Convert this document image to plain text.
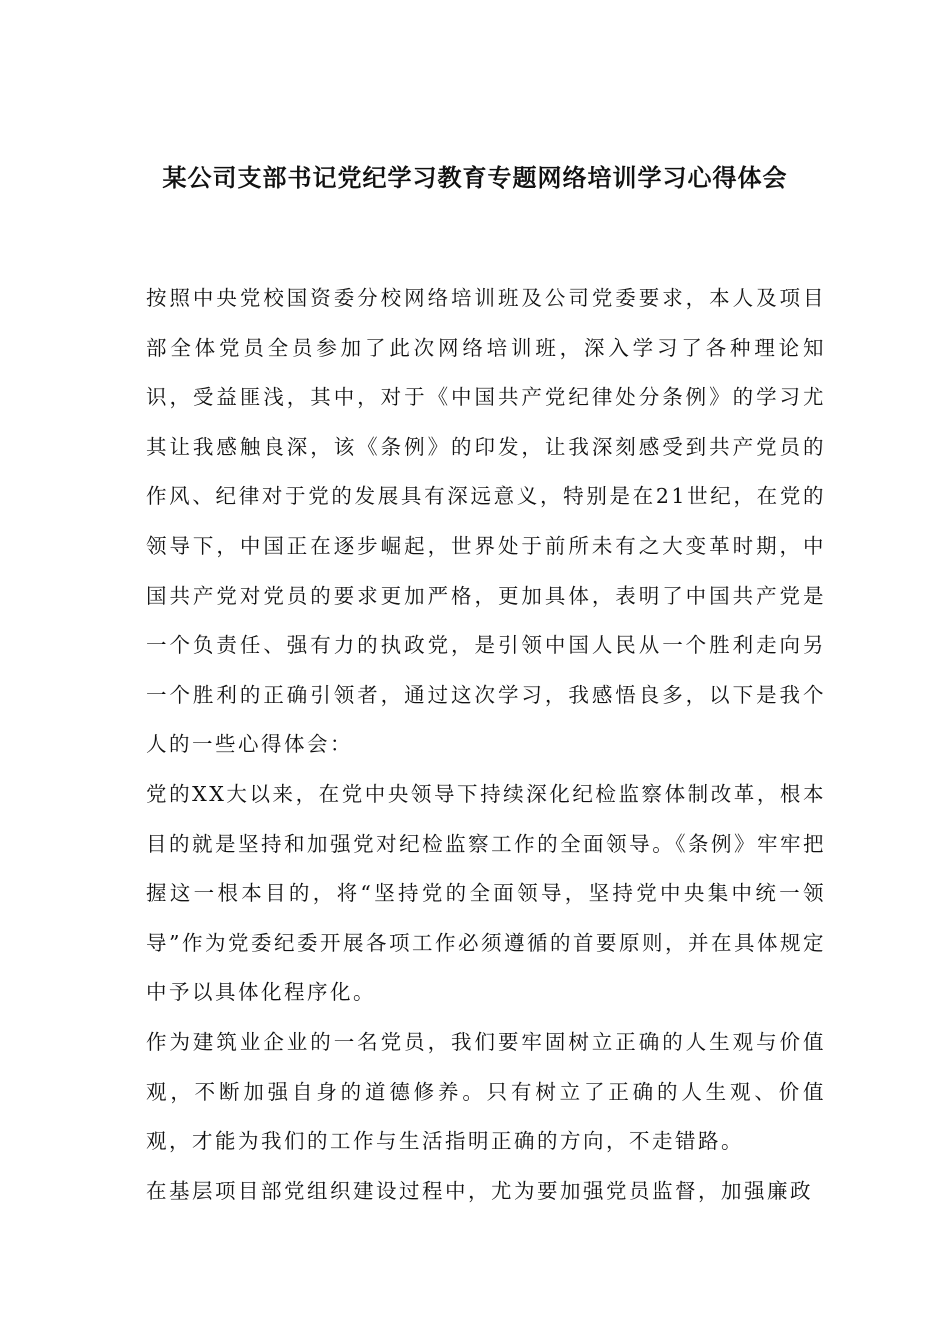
某公司支部书记党纪学习教育专题网络培训学习心得体会

按照中央党校国资委分校网络培训班及公司党委要求，本人及项目部全体党员全员参加了此次网络培训班，深入学习了各种理论知识，受益匪浅，其中，对于《中国共产党纪律处分条例》的学习尤其让我感触良深，该《条例》的印发，让我深刻感受到共产党员的作风、纪律对于党的发展具有深远意义，特别是在21世纪，在党的领导下，中国正在逐步崛起，世界处于前所未有之大变革时期，中国共产党对党员的要求更加严格，更加具体，表明了中国共产党是一个负责任、强有力的执政党，是引领中国人民从一个胜利走向另一个胜利的正确引领者，通过这次学习，我感悟良多，以下是我个人的一些心得体会：

党的XX大以来，在党中央领导下持续深化纪检监察体制改革，根本目的就是坚持和加强党对纪检监察工作的全面领导。《条例》牢牢把握这一根本目的，将“坚持党的全面领导，坚持党中央集中统一领导”作为党委纪委开展各项工作必须遵循的首要原则，并在具体规定中予以具体化程序化。

作为建筑业企业的一名党员，我们要牢固树立正确的人生观与价值观，不断加强自身的道德修养。只有树立了正确的人生观、价值观，才能为我们的工作与生活指明正确的方向，不走错路。

在基层项目部党组织建设过程中，尤为要加强党员监督，加强廉政
